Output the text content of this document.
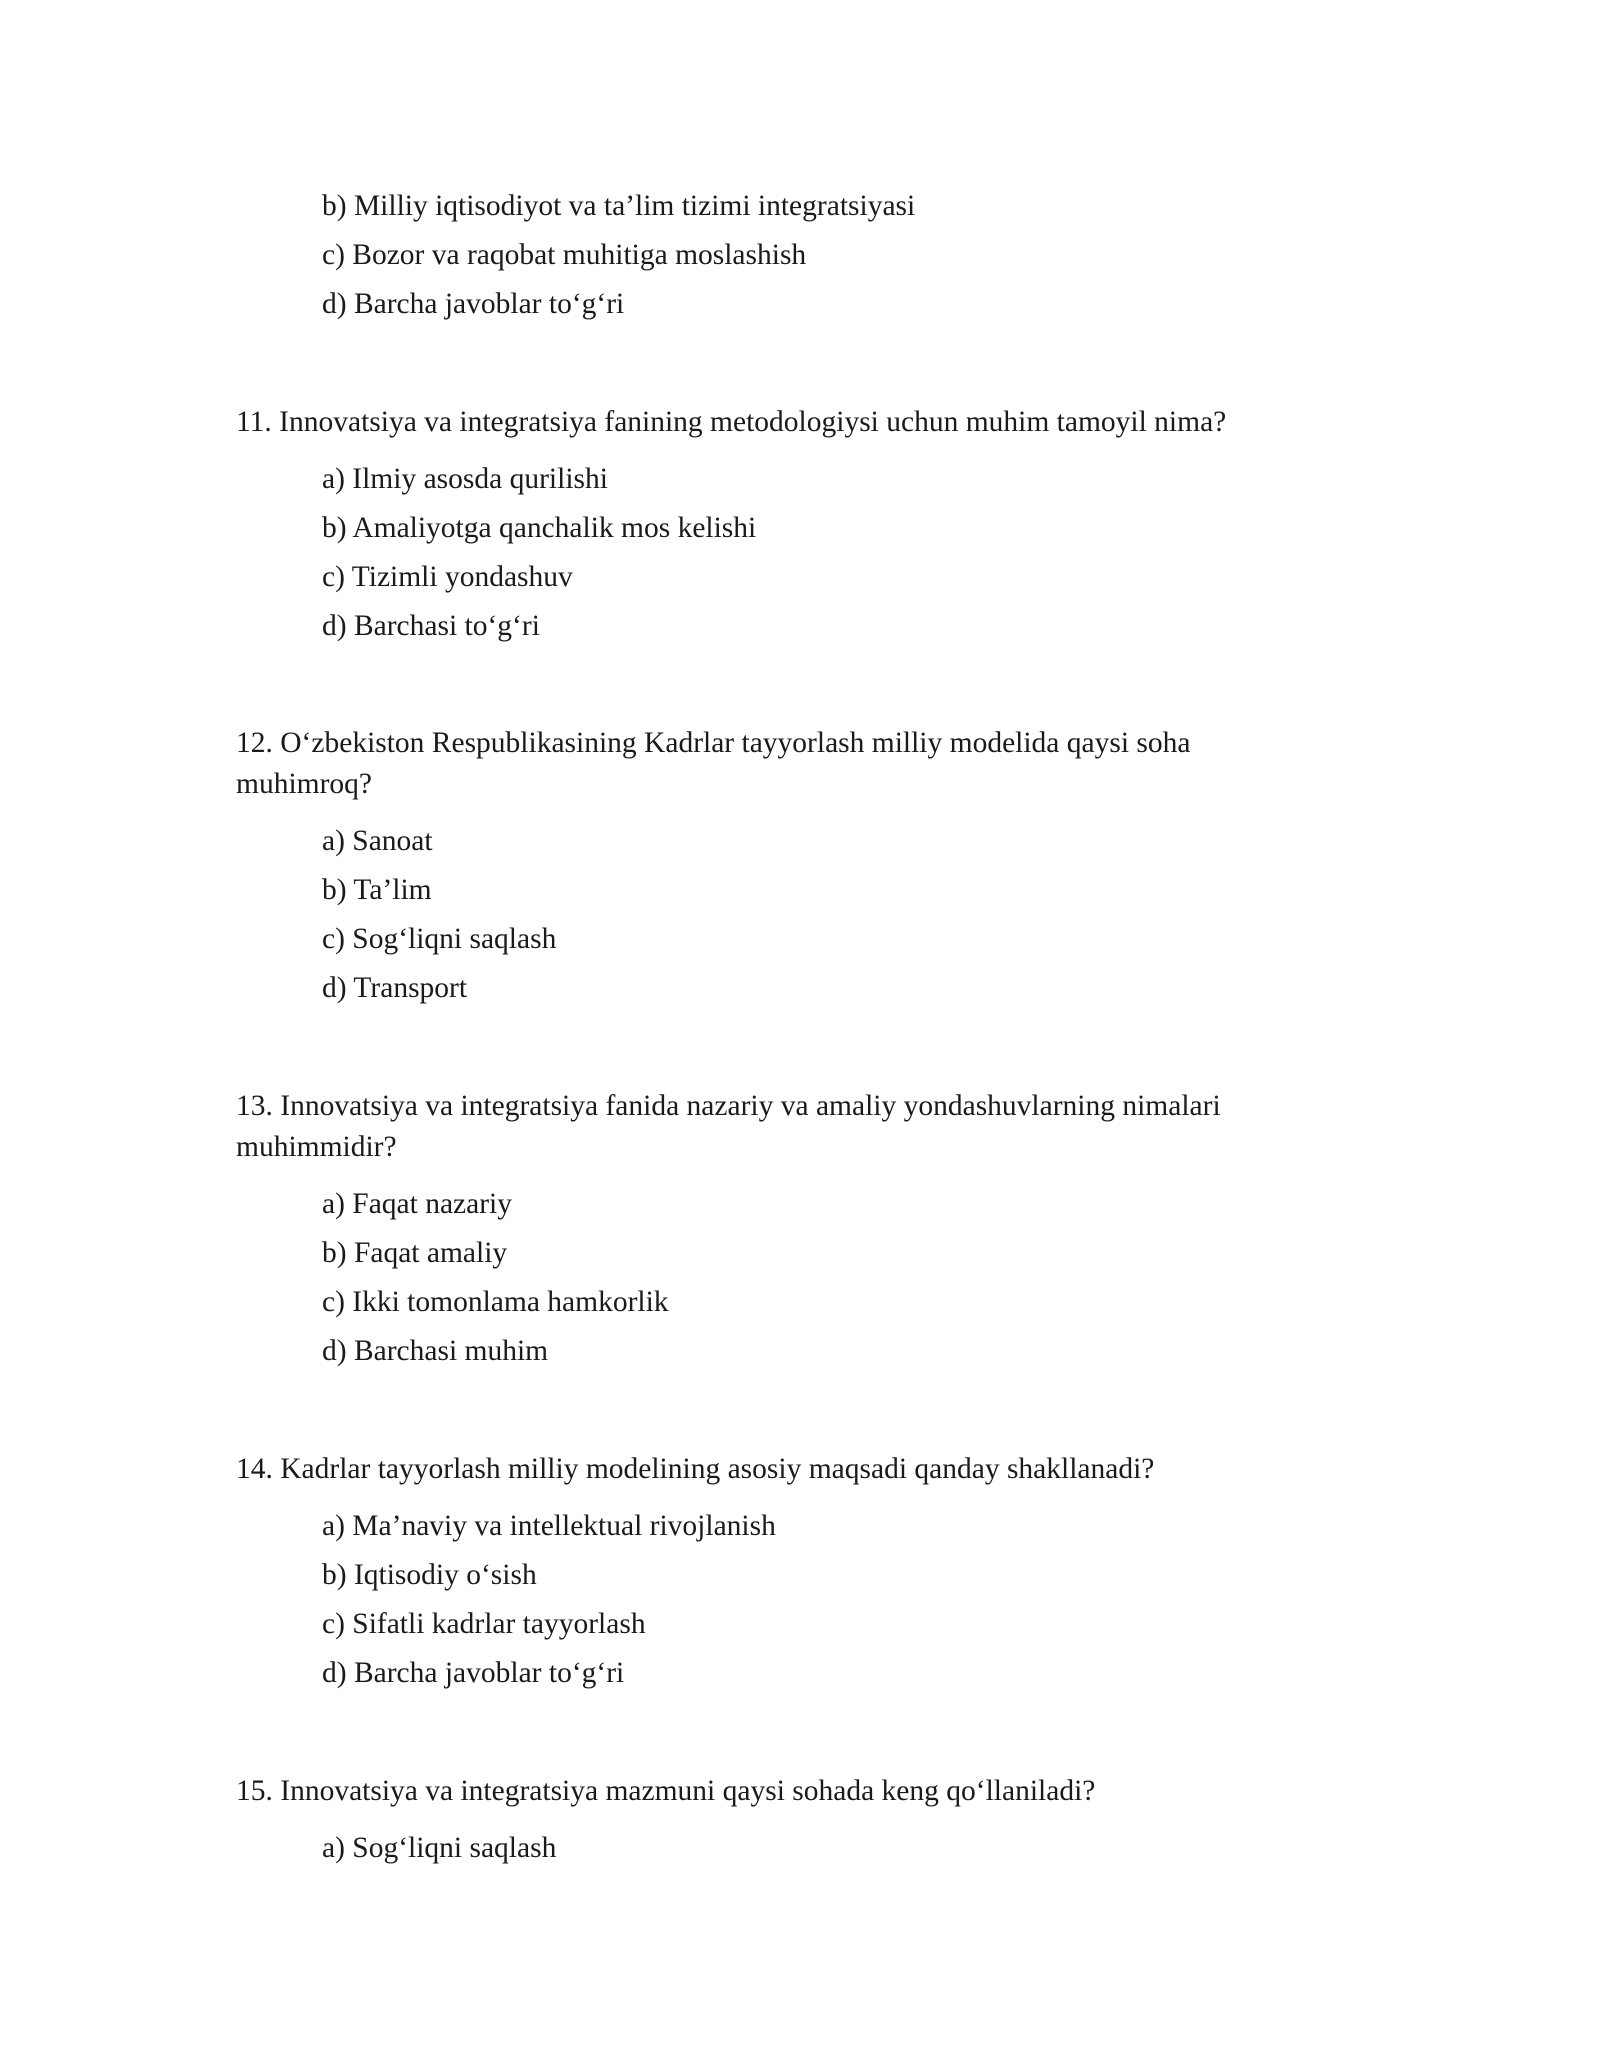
b) Milliy iqtisodiyot va ta’lim tizimi integratsiyasi

c) Bozor va raqobat muhitiga moslashish

d) Barcha javoblar to‘g‘ri

11. Innovatsiya va integratsiya fanining metodologiysi uchun muhim tamoyil nima?

a) Ilmiy asosda qurilishi

b) Amaliyotga qanchalik mos kelishi

c) Tizimli yondashuv

d) Barchasi to‘g‘ri

12. O‘zbekiston Respublikasining Kadrlar tayyorlash milliy modelida qaysi soha

muhimroq?

a) Sanoat

b) Ta’lim

c) Sog‘liqni saqlash

d) Transport

13. Innovatsiya va integratsiya fanida nazariy va amaliy yondashuvlarning nimalari

muhimmidir?

a) Faqat nazariy

b) Faqat amaliy

c) Ikki tomonlama hamkorlik

d) Barchasi muhim

14. Kadrlar tayyorlash milliy modelining asosiy maqsadi qanday shakllanadi?

a) Ma’naviy va intellektual rivojlanish

b) Iqtisodiy o‘sish

c) Sifatli kadrlar tayyorlash

d) Barcha javoblar to‘g‘ri

15. Innovatsiya va integratsiya mazmuni qaysi sohada keng qo‘llaniladi?

a) Sog‘liqni saqlash
